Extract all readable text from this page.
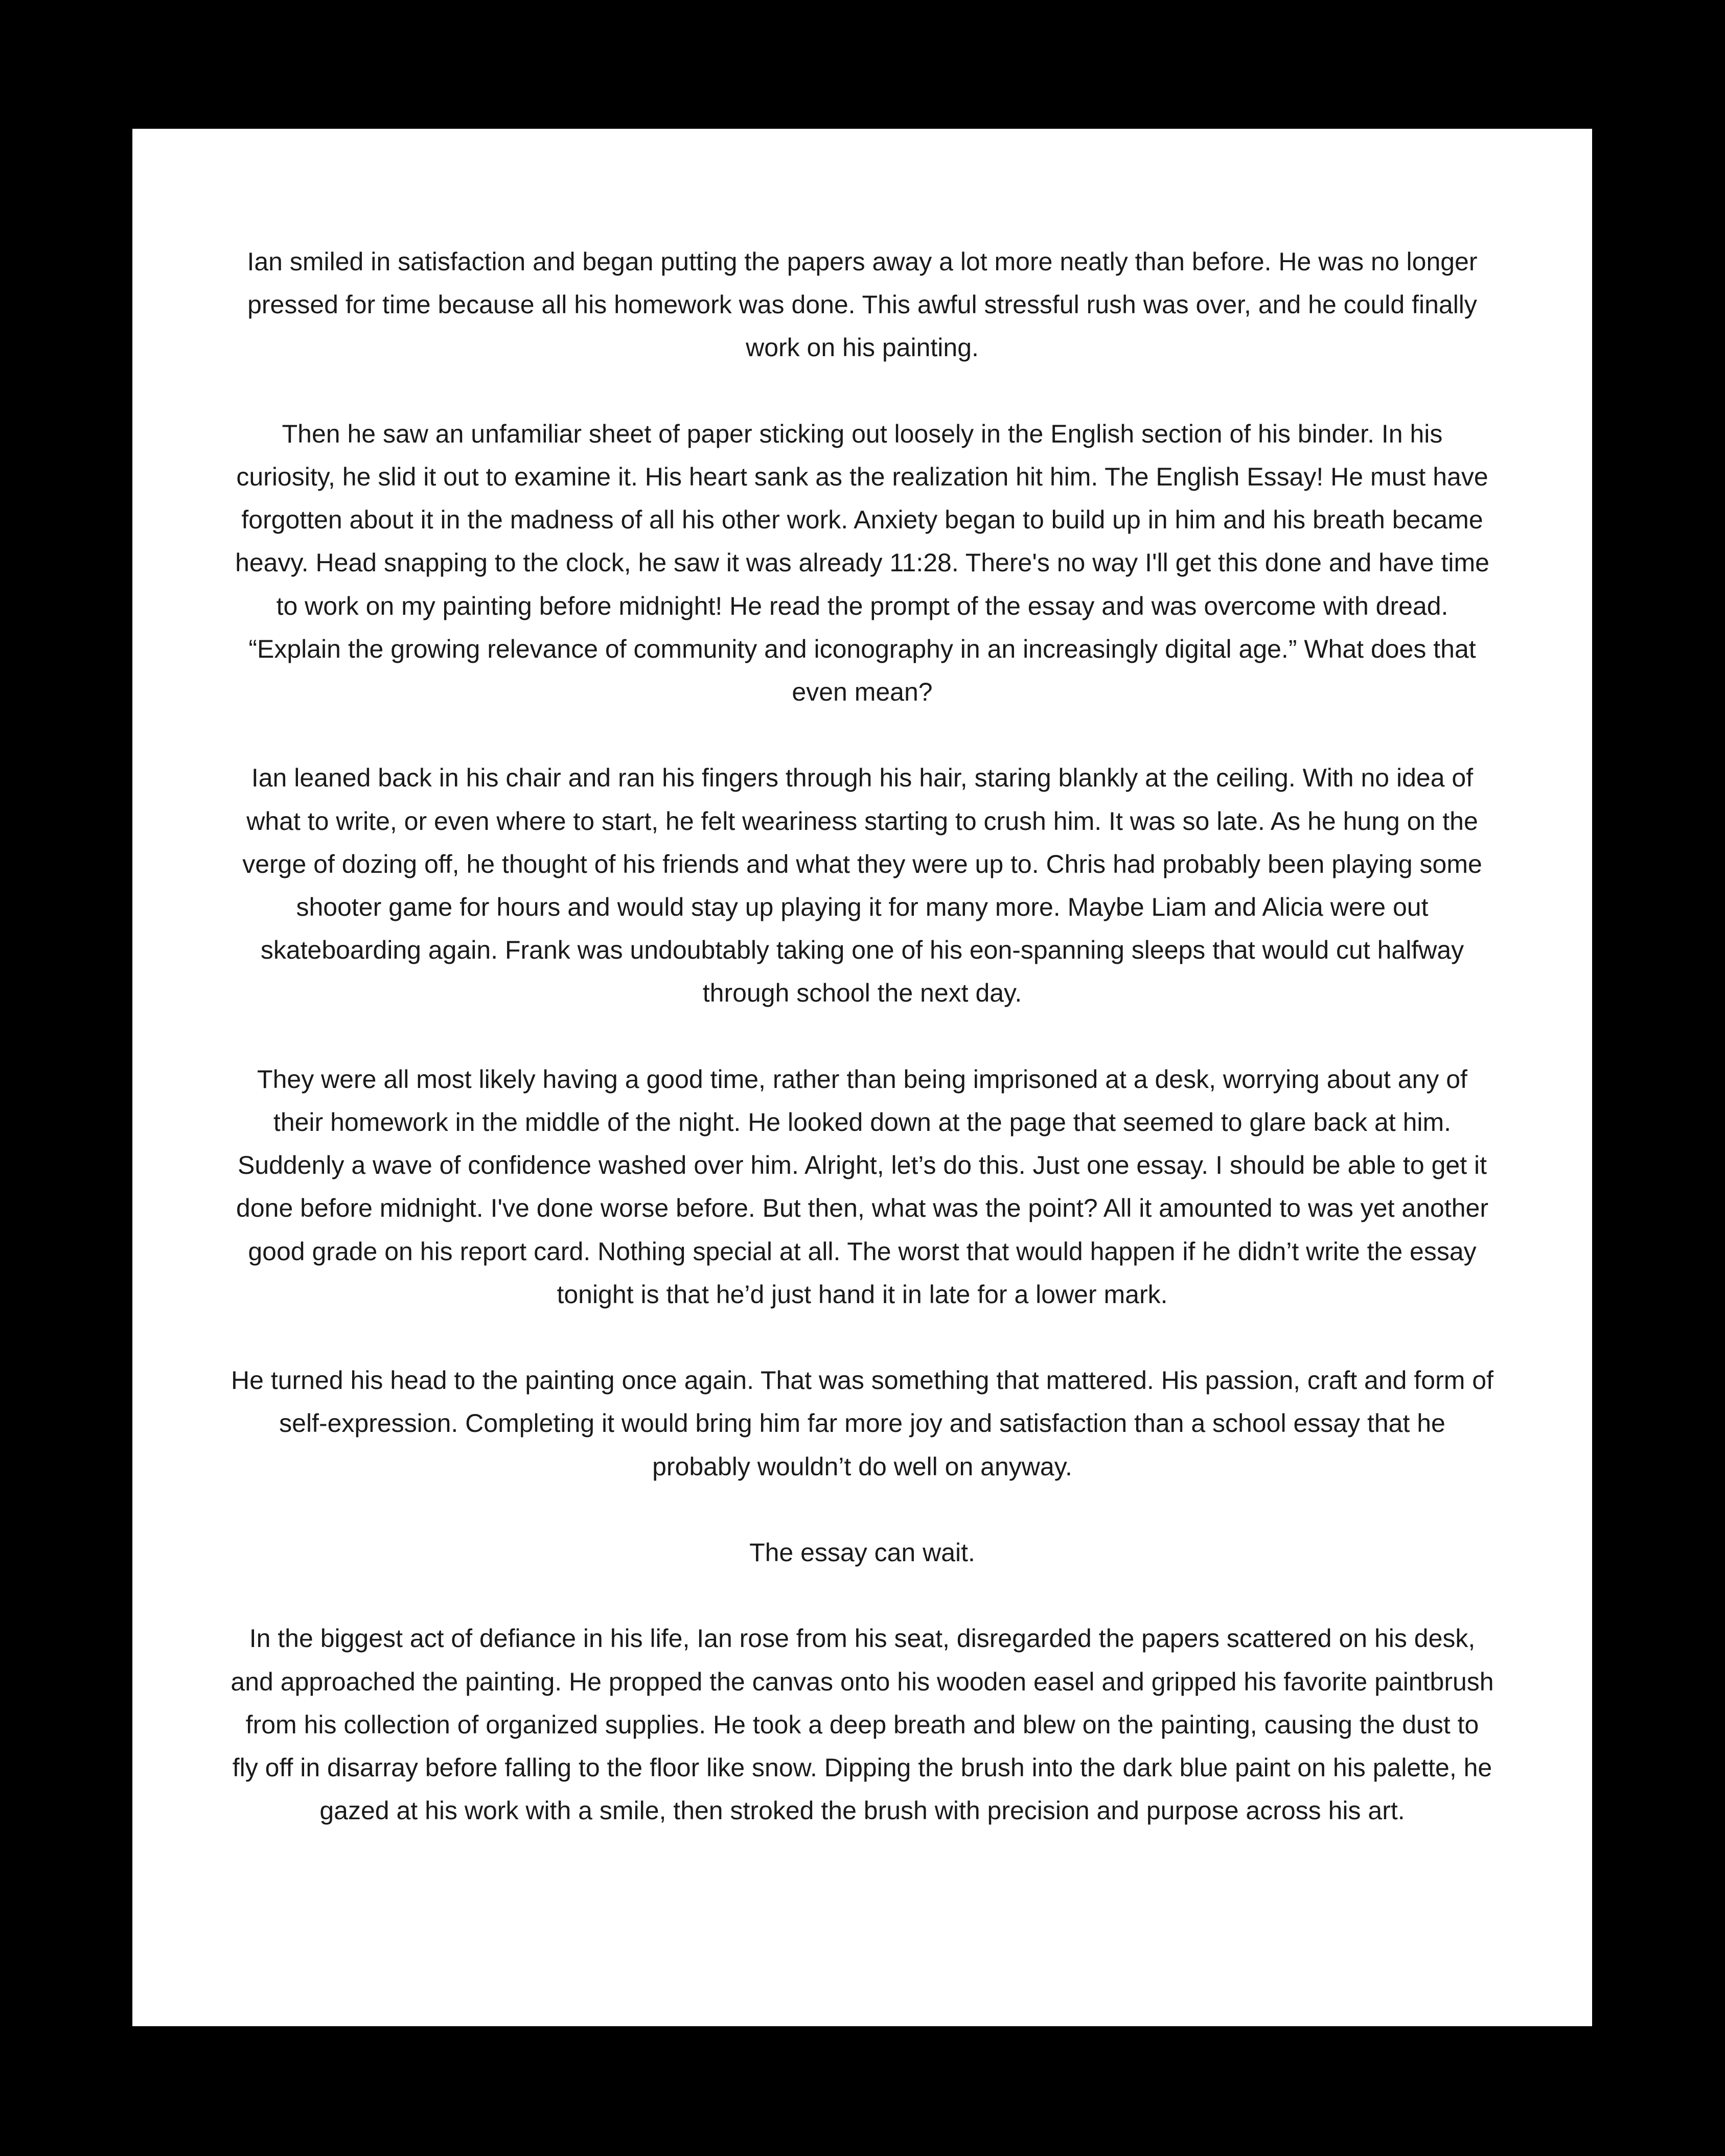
Ian smiled in satisfaction and began putting the papers away a lot more neatly than before. He was no longer pressed for time because all his homework was done. This awful stressful rush was over, and he could finally work on his painting.

Then he saw an unfamiliar sheet of paper sticking out loosely in the English section of his binder. In his curiosity, he slid it out to examine it. His heart sank as the realization hit him. The English Essay! He must have forgotten about it in the madness of all his other work. Anxiety began to build up in him and his breath became heavy. Head snapping to the clock, he saw it was already 11:28. There's no way I'll get this done and have time to work on my painting before midnight! He read the prompt of the essay and was overcome with dread. “Explain the growing relevance of community and iconography in an increasingly digital age.” What does that even mean?

Ian leaned back in his chair and ran his fingers through his hair, staring blankly at the ceiling. With no idea of what to write, or even where to start, he felt weariness starting to crush him. It was so late. As he hung on the verge of dozing off, he thought of his friends and what they were up to. Chris had probably been playing some shooter game for hours and would stay up playing it for many more. Maybe Liam and Alicia were out skateboarding again. Frank was undoubtably taking one of his eon-spanning sleeps that would cut halfway through school the next day.

They were all most likely having a good time, rather than being imprisoned at a desk, worrying about any of their homework in the middle of the night. He looked down at the page that seemed to glare back at him. Suddenly a wave of confidence washed over him. Alright, let’s do this. Just one essay. I should be able to get it done before midnight. I've done worse before. But then, what was the point? All it amounted to was yet another good grade on his report card. Nothing special at all. The worst that would happen if he didn’t write the essay tonight is that he’d just hand it in late for a lower mark.

He turned his head to the painting once again. That was something that mattered. His passion, craft and form of self-expression. Completing it would bring him far more joy and satisfaction than a school essay that he probably wouldn’t do well on anyway.

The essay can wait.

In the biggest act of defiance in his life, Ian rose from his seat, disregarded the papers scattered on his desk, and approached the painting. He propped the canvas onto his wooden easel and gripped his favorite paintbrush from his collection of organized supplies. He took a deep breath and blew on the painting, causing the dust to fly off in disarray before falling to the floor like snow. Dipping the brush into the dark blue paint on his palette, he gazed at his work with a smile, then stroked the brush with precision and purpose across his art.
